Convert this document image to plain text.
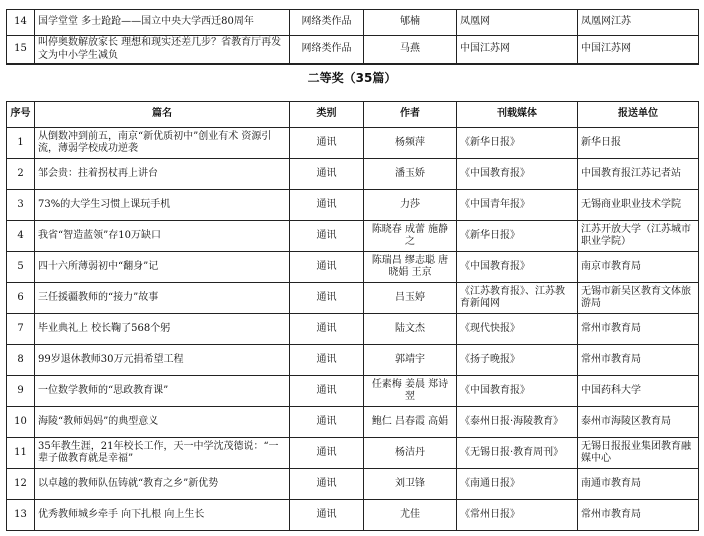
14	国学堂堂 多士跄跄——国立中央大学西迁80周年	网络类作品	郇楠	凤凰网	凤凰网江苏
15	叫停奥数解放家长 理想和现实还差几步？省教育厅再发文为中小学生减负	网络类作品	马燕	中国江苏网	中国江苏网
二等奖（35篇）
序号	篇名	类别	作者	刊载媒体	报送单位
1	从倒数冲到前五，南京“新优质初中”创业有术 资源引流，薄弱学校成功逆袭	通讯	杨频萍	《新华日报》	新华日报
2	邹会贵：拄着拐杖再上讲台	通讯	潘玉娇	《中国教育报》	中国教育报江苏记者站
3	73%的大学生习惯上课玩手机	通讯	力莎	《中国青年报》	无锡商业职业技术学院
4	我省“智造蓝领”存10万缺口	通讯	陈晓春 成蕾 施静之	《新华日报》	江苏开放大学（江苏城市职业学院）
5	四十六所薄弱初中“翻身”记	通讯	陈瑞昌 缪志聪 唐晓娟 王京	《中国教育报》	南京市教育局
6	三任援疆教师的“接力”故事	通讯	吕玉婷	《江苏教育报》、江苏教育新闻网	无锡市新吴区教育文体旅游局
7	毕业典礼上 校长鞠了568个躬	通讯	陆文杰	《现代快报》	常州市教育局
8	99岁退休教师30万元捐希望工程	通讯	郭靖宇	《扬子晚报》	常州市教育局
9	一位数学教师的“思政教育课”	通讯	任素梅 姜晨 郑诗翌	《中国教育报》	中国药科大学
10	海陵“教师妈妈”的典型意义	通讯	鲍仁 吕春霞 高娟	《泰州日报·海陵教育》	泰州市海陵区教育局
11	35年教生涯，21年校长工作，天一中学沈茂德说：“一辈子做教育就是幸福”	通讯	杨洁丹	《无锡日报·教育周刊》	无锡日报报业集团教育融媒中心
12	以卓越的教师队伍铸就“教育之乡”新优势	通讯	刘卫锋	《南通日报》	南通市教育局
13	优秀教师城乡牵手 向下扎根 向上生长	通讯	尤佳	《常州日报》	常州市教育局
